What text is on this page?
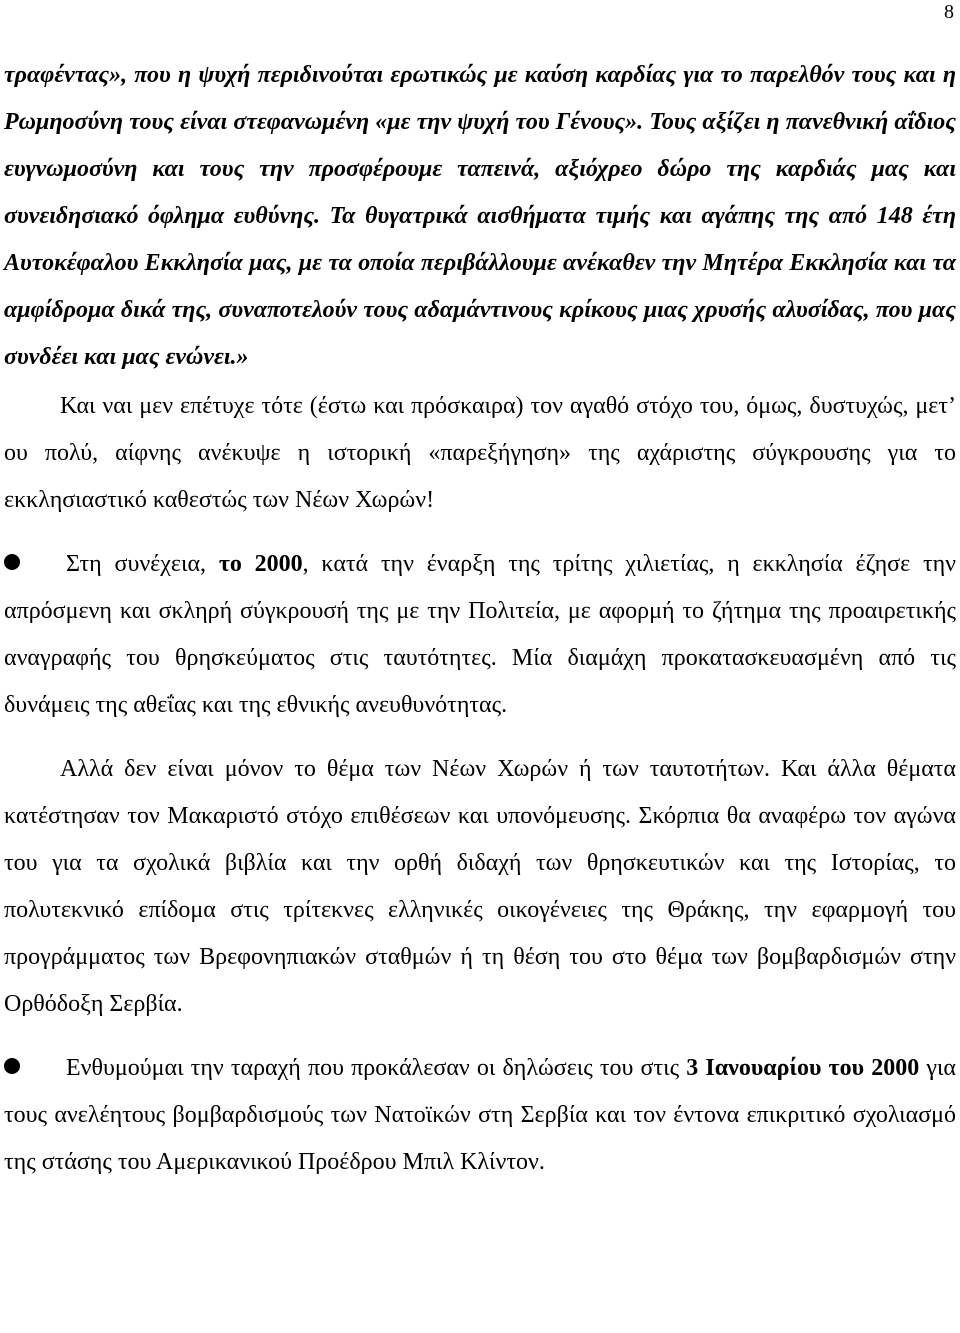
8

τραφέντας», που η ψυχή περιδινούται ερωτικώς με καύση καρδίας για το παρελθόν τους και η Ρωμηοσύνη τους είναι στεφανωμένη «με την ψυχή του Γένους». Τους αξίζει η πανεθνική αΐδιος ευγνωμοσύνη και τους την προσφέρουμε ταπεινά, αξιόχρεο δώρο της καρδιάς μας και συνειδησιακό όφλημα ευθύνης. Τα θυγατρικά αισθήματα τιμής και αγάπης της από 148 έτη Αυτοκέφαλου Εκκλησία μας, με τα οποία περιβάλλουμε ανέκαθεν την Μητέρα Εκκλησία και τα αμφίδρομα δικά της, συναποτελούν τους αδαμάντινους κρίκους μιας χρυσής αλυσίδας, που μας συνδέει και μας ενώνει.»

Και ναι μεν επέτυχε τότε (έστω και πρόσκαιρα) τον αγαθό στόχο του, όμως, δυστυχώς, μετ’ ου πολύ, αίφνης ανέκυψε η ιστορική «παρεξήγηση» της αχάριστης σύγκρουσης για το εκκλησιαστικό καθεστώς των Νέων Χωρών!

Στη συνέχεια, το 2000, κατά την έναρξη της τρίτης χιλιετίας, η εκκλησία έζησε την απρόσμενη και σκληρή σύγκρουσή της με την Πολιτεία, με αφορμή το ζήτημα της προαιρετικής αναγραφής του θρησκεύματος στις ταυτότητες. Μία διαμάχη προκατασκευασμένη από τις δυνάμεις της αθεΐας και της εθνικής ανευθυνότητας.

Αλλά δεν είναι μόνον το θέμα των Νέων Χωρών ή των ταυτοτήτων. Και άλλα θέματα κατέστησαν τον Μακαριστό στόχο επιθέσεων και υπονόμευσης. Σκόρπια θα αναφέρω τον αγώνα του για τα σχολικά βιβλία και την ορθή διδαχή των θρησκευτικών και της Ιστορίας, το πολυτεκνικό επίδομα στις τρίτεκνες ελληνικές οικογένειες της Θράκης, την εφαρμογή του προγράμματος των Βρεφονηπιακών σταθμών ή τη θέση του στο θέμα των βομβαρδισμών στην Ορθόδοξη Σερβία.

Ενθυμούμαι την ταραχή που προκάλεσαν οι δηλώσεις του στις 3 Ιανουαρίου του 2000 για τους ανελέητους βομβαρδισμούς των Νατοϊκών στη Σερβία και τον έντονα επικριτικό σχολιασμό της στάσης του Αμερικανικού Προέδρου Μπιλ Κλίντον.
